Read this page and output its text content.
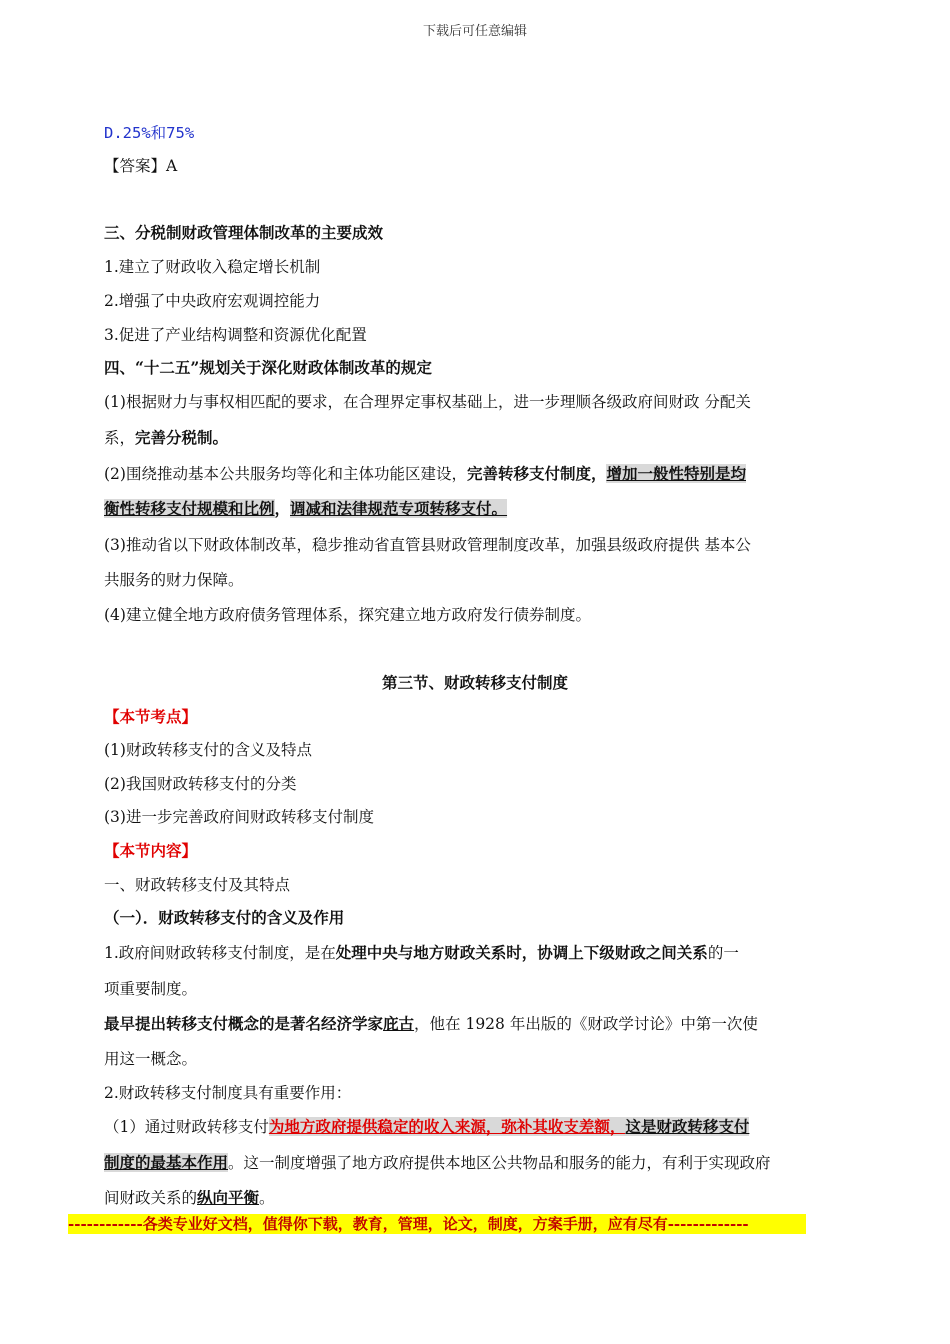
下载后可任意编辑
D.25%和75%
【答案】A
三、分税制财政管理体制改革的主要成效
1.建立了财政收入稳定增长机制
2.增强了中央政府宏观调控能力
3.促进了产业结构调整和资源优化配置
四、“十二五”规划关于深化财政体制改革的规定
(1)根据财力与事权相匹配的要求，在合理界定事权基础上，进一步理顺各级政府间财政 分配关
系，完善分税制。
(2)围绕推动基本公共服务均等化和主体功能区建设，完善转移支付制度，增加一般性特别是均
衡性转移支付规模和比例，调减和法律规范专项转移支付。
(3)推动省以下财政体制改革，稳步推动省直管县财政管理制度改革，加强县级政府提供 基本公
共服务的财力保障。
(4)建立健全地方政府债务管理体系，探究建立地方政府发行债券制度。
第三节、财政转移支付制度
【本节考点】
(1)财政转移支付的含义及特点
(2)我国财政转移支付的分类
(3)进一步完善政府间财政转移支付制度
【本节内容】
一、财政转移支付及其特点
（一）．财政转移支付的含义及作用
1.政府间财政转移支付制度，是在处理中央与地方财政关系时，协调上下级财政之间关系的一
项重要制度。
最早提出转移支付概念的是著名经济学家庇古，他在 1928 年出版的《财政学讨论》中第一次使
用这一概念。
2.财政转移支付制度具有重要作用：
（1）通过财政转移支付为地方政府提供稳定的收入来源，弥补其收支差额，这是财政转移支付
制度的最基本作用。这一制度增强了地方政府提供本地区公共物品和服务的能力，有利于实现政府
间财政关系的纵向平衡。
------------各类专业好文档，值得你下载，教育，管理，论文，制度，方案手册，应有尽有-------------
